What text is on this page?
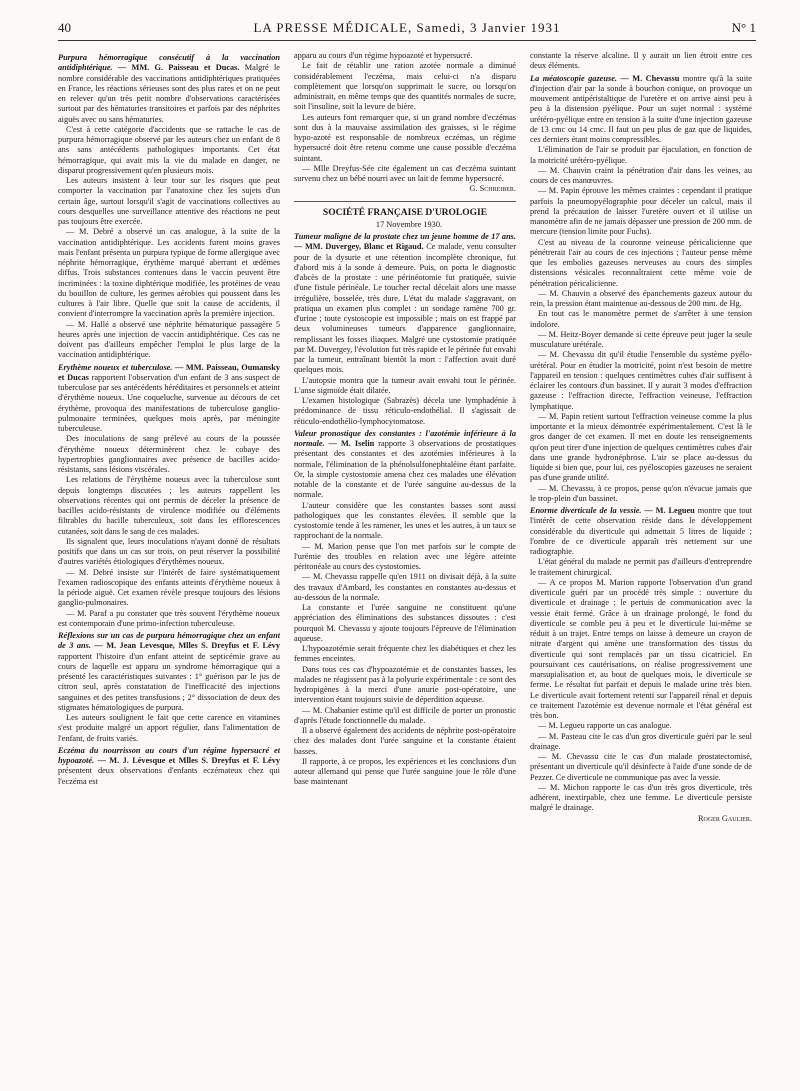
40	LA PRESSE MÉDICALE, Samedi, 3 Janvier 1931	N° 1

Purpura hémorragique consécutif à la vaccination antidiphtérique. — MM. G. Paisseau et Ducas. Malgré le nombre considérable des vaccinations antidiphtériques pratiquées en France, les réactions sérieuses sont des plus rares et on ne peut en relever qu'un très petit nombre d'observations caractérisées surtout par des hématuries transitoires et parfois par des néphrites aiguës avec ou sans hématuries.

C'est à cette catégorie d'accidents que se rattache le cas de purpura hémorragique observé par les auteurs chez un enfant de 8 ans sans antécédents pathologiques importants. Cet état hémorragique, qui avait mis la vie du malade en danger, ne disparut progressivement qu'en plusieurs mois.

Les auteurs insistent à leur tour sur les risques que peut comporter la vaccination par l'anatoxine chez les sujets d'un certain âge, surtout lorsqu'il s'agit de vaccinations collectives au cours desquelles une surveillance attentive des réactions ne peut pas toujours être exercée.

— M. Debré a observé un cas analogue, à la suite de la vaccination antidiphtérique. Les accidents furent moins graves mais l'enfant présenta un purpura typique de forme allergique avec néphrite hémorragique, érythème marqué aberrant et œdèmes diffus. Trois substances contenues dans le vaccin peuvent être incriminées : la toxine diphtérique modifiée, les protéines de veau du bouillon de culture, les germes aérobies qui poussent dans les cultures à l'air libre. Quelle que soit la cause de accidents, il convient d'interrompre la vaccination après la première injection.

— M. Hallé a observé une néphrite hématurique passagère 5 heures après une injection de vaccin antidiphtérique. Ces cas ne doivent pas d'ailleurs empêcher l'emploi le plus large de la vaccination antidiphtérique.

Erythème noueux et tuberculose. — MM. Paisseau, Oumansky et Ducas rapportent l'observation d'un enfant de 3 ans suspect de tuberculose par ses antécédents héréditaires et personnels et atteint d'érythème noueux. Une coqueluche, survenue au décours de cet érythème, provoqua des manifestations de tuberculose ganglio-pulmonaire terminées, quelques mois après, par méningite tuberculeuse.

Des inoculations de sang prélevé au cours de la poussée d'érythème noueux déterminèrent chez le cobaye des hypertrophies ganglionnaires avec présence de bacilles acido-résistants, sans lésions viscérales.

Les relations de l'érythème noueux avec la tuberculose sont depuis longtemps discutées ; les auteurs rappellent les observations récentes qui ont permis de déceler la présence de bacilles acido-résistants de virulence modifiée ou d'éléments filtrables du bacille tuberculeux, soit dans les efflorescences cutanées, soit dans le sang de ces malades.

Ils signalent que, leurs inoculations n'ayant donné de résultats positifs que dans un cas sur trois, on peut réserver la possibilité d'autres variétés étiologiques d'érythèmes noueux.

— M. Debré insiste sur l'intérêt de faire systématiquement l'examen radioscopique des enfants atteints d'érythème noueux à la période aiguë. Cet examen révèle presque toujours des lésions ganglio-pulmonaires.

— M. Paraf a pu constater que très souvent l'érythème noueux est contemporain d'une primo-infection tuberculeuse.

Réflexions sur un cas de purpura hémorragique chez un enfant de 3 ans. — M. Jean Levesque, Mlles S. Dreyfus et F. Lévy rapportent l'histoire d'un enfant atteint de septicémie grave au cours de laquelle est apparu un syndrome hémorragique qui a présenté les caractéristiques suivantes : 1° guérison par le jus de citron seul, après constatation de l'inefficacité des injections sanguines et des petites transfusions ; 2° dissociation de deux des stigmates hématologiques de purpura.

Les auteurs soulignent le fait que cette carence en vitamines s'est produite malgré un apport régulier, dans l'alimentation de l'enfant, de fruits variés.

Eczéma du nourrisson au cours d'un régime hypersucré et hypoazoté. — M. J. Lévesque et Mlles S. Dreyfus et F. Lévy présentent deux observations d'enfants eczémateux chez qui l'eczéma est

apparu au cours d'un régime hypoazoté et hypersucré.

Le fait de rétablir une ration azotée normale a diminué considérablement l'eczéma, mais celui-ci n'a disparu complètement que lorsqu'on supprimait le sucre, ou lorsqu'on administrait, en même temps que des quantités normales de sucre, soit l'insuline, soit la levure de bière.

Les auteurs font remarquer que, si un grand nombre d'eczémas sont dus à la mauvaise assimilation des graisses, si le régime hypo-azoté est responsable de nombreux eczémas, un régime hypersucré doit être retenu comme une cause possible d'eczéma suintant.

— Mlle Dreyfus-Sée cite également un cas d'eczéma suintant survenu chez un bébé nourri avec un lait de femme hypersucré.

G. Schreiber.

SOCIÉTÉ FRANÇAISE D'UROLOGIE

17 Novembre 1930.

Tumeur maligne de la prostate chez un jeune homme de 17 ans. — MM. Duvergey, Blanc et Rigaud. Ce malade, venu consulter pour de la dysurie et une rétention incomplète chronique, fut d'abord mis à la sonde à demeure. Puis, on porta le diagnostic d'abcès de la prostate : une périnéotomie fut pratiquée, suivie d'une fistule périnéale. Le toucher rectal décelait alors une masse irrégulière, bosselée, très dure. L'état du malade s'aggravant, on pratiqua un examen plus complet : un sondage ramène 700 gr. d'urine ; toute cystoscopie est impossible ; mais on est frappé par deux volumineuses tumeurs d'apparence ganglionnaire, remplissant les fosses iliaques. Malgré une cystostomie pratiquée par M. Duvergey, l'évolution fut très rapide et le périnée fut envahi par la tumeur, entraînant bientôt la mort : l'affection avait duré quelques mois.

L'autopsie montra que la tumeur avait envahi tout le périnée. L'anse sigmoïde était dilatée.

L'examen histologique (Sabrazès) décela une lymphadénie à prédominance de tissu réticulo-endothélial. Il s'agissait de réticulo-endothélio-lymphocytomatose.

Valeur pronostique des constantes : l'azotémie inférieure à la normale. — M. Iselin rapporte 3 observations de prostatiques présentant des constantes et des azotémies inférieures à la normale, l'élimination de la phénolsulfonephtaléine étant parfaite. Or, la simple cystostomie amena chez ces malades une élévation notable de la constante et de l'urée sanguine au-dessus de la normale.

L'auteur considère que les constantes basses sont aussi pathologiques que les constantes élevées. Il semble que la cystostomie tende à les ramener, les unes et les autres, à un taux se rapprochant de la normale.

— M. Marion pense que l'on met parfois sur le compte de l'urémie des troubles en relation avec une légère atteinte péritonéale au cours des cystostomies.

— M. Chevassu rappelle qu'en 1911 on divisait déjà, à la suite des travaux d'Ambard, les constantes en constantes au-dessus et au-dessous de la normale.

La constante et l'urée sanguine ne constituent qu'une appréciation des éliminations des substances dissoutes : c'est pourquoi M. Chevassu y ajoute toujours l'épreuve de l'élimination aqueuse.

L'hypoazotémie serait fréquente chez les diabétiques et chez les femmes enceintes.

Dans tous ces cas d'hypoazotémie et de constantes basses, les malades ne réagissent pas à la polyurie expérimentale : ce sont des hydropigènes à la merci d'une anurie post-opératoire, une intervention étant toujours suivie de déperdition aqueuse.

— M. Chabanier estime qu'il est difficile de porter un pronostic d'après l'étude fonctionnelle du malade.

Il a observé également des accidents de néphrite post-opératoire chez des malades dont l'urée sanguine et la constante étaient basses.

Il rapporte, à ce propos, les expériences et les conclusions d'un auteur allemand qui pense que l'urée sanguine joue le rôle d'une base maintenant

constante la réserve alcaline. Il y aurait un lien étroit entre ces deux éléments.

La méatoscopie gazeuse. — M. Chevassu montre qu'à la suite d'injection d'air par la sonde à bouchon conique, on provoque un mouvement antipéristaltique de l'uretère et on arrive ainsi peu à peu à la distension pyélique. Pour un sujet normal : système urétéro-pyélique entre en tension à la suite d'une injection gazeuse de 13 cmc ou 14 cmc. Il faut un peu plus de gaz que de liquides, ces derniers étant moins compressibles.

L'élimination de l'air se produit par éjaculation, en fonction de la motricité urétéro-pyélique.

— M. Chauvin craint la pénétration d'air dans les veines, au cours de ces manœuvres.

— M. Papin éprouve les mêmes craintes : cependant il pratique parfois la pneumopyélographie pour déceler un calcul, mais il prend la précaution de laisser l'uretère ouvert et il utilise un manomètre afin de ne jamais dépasser une pression de 200 mm. de mercure (tension limite pour Fuchs).

C'est au niveau de la couronne veineuse péricalicienne que pénétrerait l'air au cours de ces injections ; l'auteur pense même que les embolies gazeuses nerveuses au cours des simples distensions vésicales reconnaîtraient cette même voie de pénétration péricalicienne.

— M. Chauvin a observé des épanchements gazeux autour du rein, la pression étant maintenue au-dessous de 200 mm. de Hg.

En tout cas le manomètre permet de s'arrêter à une tension indolore.

— M. Heitz-Boyer demande si cette épreuve peut juger la seule musculature urétérale.

— M. Chevassu dit qu'il étudie l'ensemble du système pyélo-urétéral. Pour en étudier la motricité, point n'est besoin de mettre l'appareil en tension : quelques centimètres cubes d'air suffisent à éclairer les contours d'un bassinet. Il y aurait 3 modes d'effraction gazeuse : l'effraction directe, l'effraction veineuse, l'effraction lymphatique.

— M. Papin retient surtout l'effraction veineuse comme la plus importante et la mieux démontrée expérimentalement. C'est là le gros danger de cet examen. Il met en doute les renseignements qu'on peut tirer d'une injection de quelques centimètres cubes d'air dans une grande hydronéphrose. L'air se place au-dessus du liquide si bien que, pour lui, ces pyéloscopies gazeuses ne seraient pas d'une grande utilité.

— M. Chevassu, à ce propos, pense qu'on n'évacue jamais que le trop-plein d'un bassinet.

Enorme diverticule de la vessie. — M. Legueu montre que tout l'intérêt de cette observation réside dans le développement considérable du diverticule qui admettait 5 litres de liquide ; l'ombre de ce diverticule apparaît très nettement sur une radiographie.

L'état général du malade ne permit pas d'ailleurs d'entreprendre le traitement chirurgical.

— A ce propos M. Marion rapporte l'observation d'un grand diverticule guéri par un procédé très simple : ouverture du diverticule et drainage ; le pertuis de communication avec la vessie était fermé. Grâce à un drainage prolongé, le fond du diverticule se comble peu à peu et le diverticule lui-même se réduit à un trajet. Entre temps on laisse à demeure un crayon de nitrate d'argent qui amène une transformation des tissus du diverticule qui sont remplacés par un tissu cicatriciel. En poursuivant ces cautérisations, on réalise progressivement une marsupialisation et, au bout de quelques mois, le diverticule se ferme. Le résultat fut parfait et depuis le malade urine très bien. Le diverticule avait fortement retenti sur l'appareil rénal et depuis ce traitement l'azotémie est devenue normale et l'état général est très bon.

— M. Legueu rapporte un cas analogue.

— M. Pasteau cite le cas d'un gros diverticule guéri par le seul drainage.

— M. Chevassu cite le cas d'un malade prostatectomisé, présentant un diverticule qu'il désinfecte à l'aide d'une sonde de de Pezzer. Ce diverticule ne communique pas avec la vessie.

— M. Michon rapporte le cas d'un très gros diverticule, très adhérent, inextirpable, chez une femme. Le diverticule persiste malgré le drainage.

Roger Gaulier.
